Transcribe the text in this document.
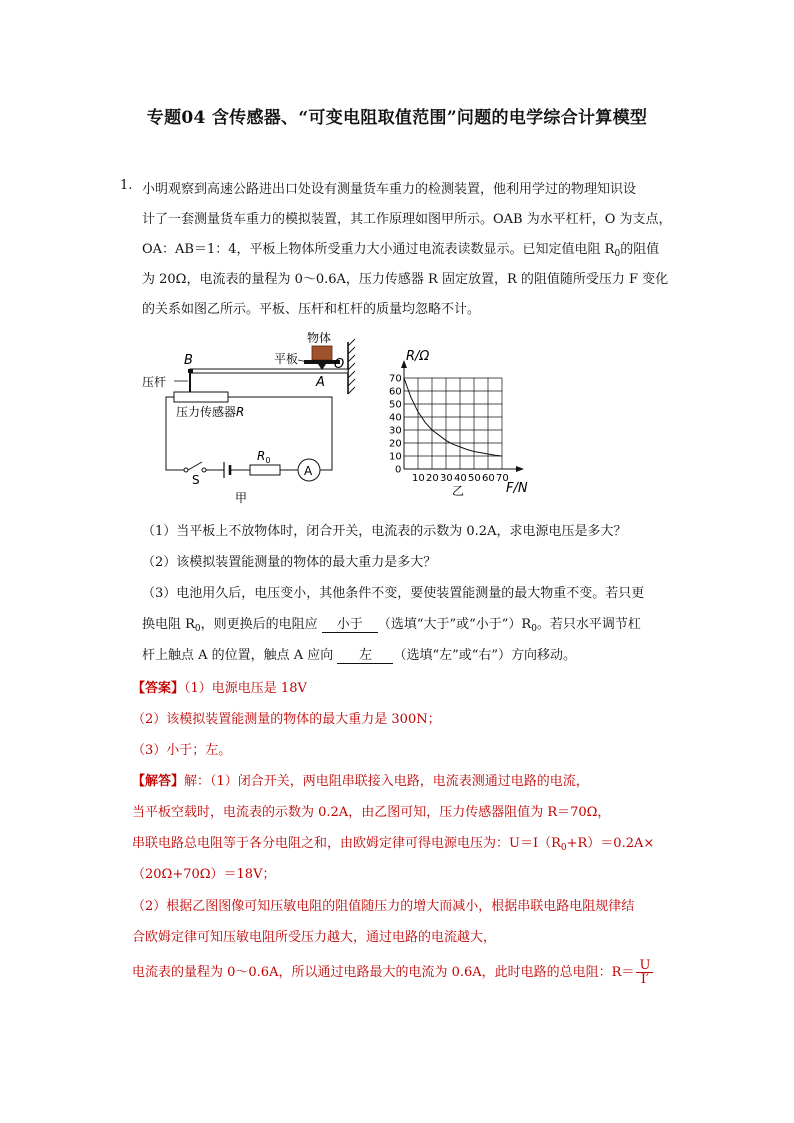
专题04 含传感器、“可变电阻取值范围”问题的电学综合计算模型
1. 小明观察到高速公路进出口处设有测量货车重力的检测装置，他利用学过的物理知识设
计了一套测量货车重力的模拟装置，其工作原理如图甲所示。OAB 为水平杠杆，O 为支点，
OA：AB＝1：4，平板上物体所受重力大小通过电流表读数显示。已知定值电阻 $R_0$的阻值
为 20Ω，电流表的量程为 0～0.6A，压力传感器 R 固定放置，R 的阻值随所受压力 F 变化
的关系如图乙所示。平板、压杆和杠杆的质量均忽略不计。
物体
平板	O
A
B
压杆
压力传感器R
S
$R_0$
A
甲
10 20 30 40 50 60 70
0
10
20
30
40
50
60
70
R/Ω
F/N
乙
（1）当平板上不放物体时，闭合开关，电流表的示数为 0.2A，求电源电压是多大？
（2）该模拟装置能测量的物体的最大重力是多大？
（3）电池用久后，电压变小，其他条件不变，要使装置能测量的最大物重不变。若只更
换电阻 $R_0$，则更换后的电阻应 小于 （选填“大于”或“小于$”)R_0$。若只水平调节杠
杆上触点 A 的位置，触点 A 应向 左 （选填“左”或“右”）方向移动。
【答案】（1）电源电压是 18V
（2）该模拟装置能测量的物体的最大重力是 300N；
（3）小于；左。
【解答】解：（1）闭合开关，两电阻串联接入电路，电流表测通过电路的电流，
当平板空载时，电流表的示数为 0.2A，由乙图可知，压力传感器阻值为 R＝70Ω，
串联电路总电阻等于各分电阻之和，由欧姆定律可得电源电压为：$U=I(R_0+R)=0.2A\times$
（20Ω+70Ω）＝18V；
（2）根据乙图图像可知压敏电阻的阻值随压力的增大而减小，根据串联电路电阻规律结
合欧姆定律可知压敏电阻所受压力越大，通过电路的电流越大，
电流表的量程为 0～0.6A，所以通过电路最大的电流为 0.6A，此时电路的总电阻：$R= \frac{U}{I'}$
